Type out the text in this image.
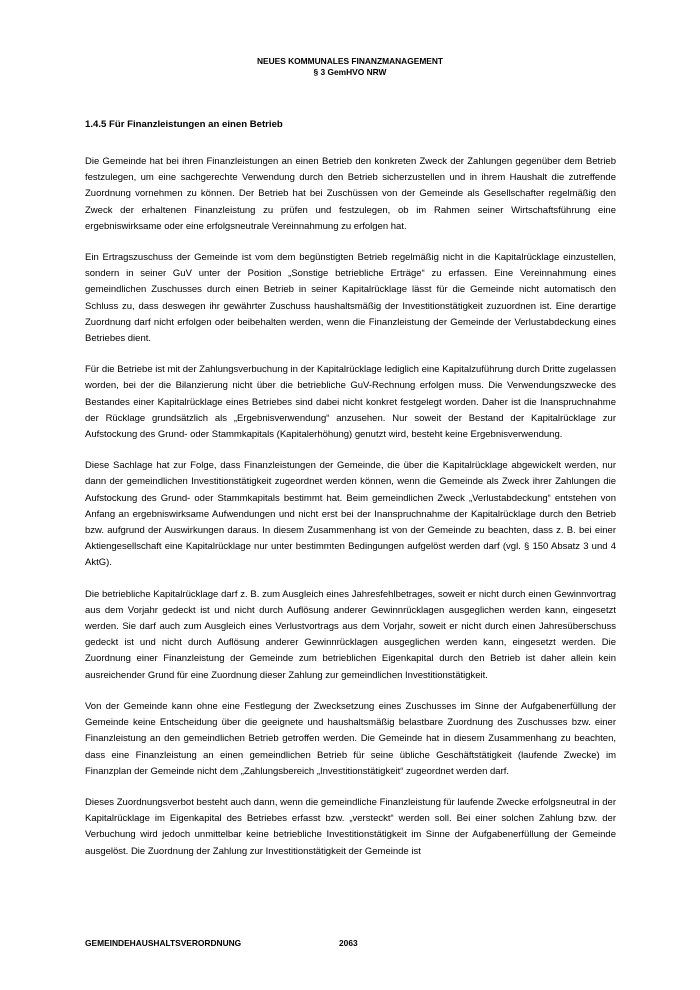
NEUES KOMMUNALES FINANZMANAGEMENT
§ 3 GemHVO NRW
1.4.5 Für Finanzleistungen an einen Betrieb

Die Gemeinde hat bei ihren Finanzleistungen an einen Betrieb den konkreten Zweck der Zahlungen gegenüber dem Betrieb festzulegen, um eine sachgerechte Verwendung durch den Betrieb sicherzustellen und in ihrem Haushalt die zutreffende Zuordnung vornehmen zu können. Der Betrieb hat bei Zuschüssen von der Gemeinde als Gesellschafter regelmäßig den Zweck der erhaltenen Finanzleistung zu prüfen und festzulegen, ob im Rahmen seiner Wirtschaftsführung eine ergebniswirksame oder eine erfolgsneutrale Vereinnahmung zu erfolgen hat.

Ein Ertragszuschuss der Gemeinde ist vom dem begünstigten Betrieb regelmäßig nicht in die Kapitalrücklage einzustellen, sondern in seiner GuV unter der Position „Sonstige betriebliche Erträge“ zu erfassen. Eine Vereinnahmung eines gemeindlichen Zuschusses durch einen Betrieb in seiner Kapitalrücklage lässt für die Gemeinde nicht automatisch den Schluss zu, dass deswegen ihr gewährter Zuschuss haushaltsmäßig der Investitionstätigkeit zuzuordnen ist. Eine derartige Zuordnung darf nicht erfolgen oder beibehalten werden, wenn die Finanzleistung der Gemeinde der Verlustabdeckung eines Betriebes dient.

Für die Betriebe ist mit der Zahlungsverbuchung in der Kapitalrücklage lediglich eine Kapitalzuführung durch Dritte zugelassen worden, bei der die Bilanzierung nicht über die betriebliche GuV-Rechnung erfolgen muss. Die Verwendungszwecke des Bestandes einer Kapitalrücklage eines Betriebes sind dabei nicht konkret festgelegt worden. Daher ist die Inanspruchnahme der Rücklage grundsätzlich als „Ergebnisverwendung“ anzusehen. Nur soweit der Bestand der Kapitalrücklage zur Aufstockung des Grund- oder Stammkapitals (Kapitalerhöhung) genutzt wird, besteht keine Ergebnisverwendung.

Diese Sachlage hat zur Folge, dass Finanzleistungen der Gemeinde, die über die Kapitalrücklage abgewickelt werden, nur dann der gemeindlichen Investitionstätigkeit zugeordnet werden können, wenn die Gemeinde als Zweck ihrer Zahlungen die Aufstockung des Grund- oder Stammkapitals bestimmt hat. Beim gemeindlichen Zweck „Verlustabdeckung“ entstehen von Anfang an ergebniswirksame Aufwendungen und nicht erst bei der Inanspruchnahme der Kapitalrücklage durch den Betrieb bzw. aufgrund der Auswirkungen daraus. In diesem Zusammenhang ist von der Gemeinde zu beachten, dass z. B. bei einer Aktiengesellschaft eine Kapitalrücklage nur unter bestimmten Bedingungen aufgelöst werden darf (vgl. § 150 Absatz 3 und 4 AktG).

Die betriebliche Kapitalrücklage darf z. B. zum Ausgleich eines Jahresfehlbetrages, soweit er nicht durch einen Gewinnvortrag aus dem Vorjahr gedeckt ist und nicht durch Auflösung anderer Gewinnrücklagen ausgeglichen werden kann, eingesetzt werden. Sie darf auch zum Ausgleich eines Verlustvortrags aus dem Vorjahr, soweit er nicht durch einen Jahresüberschuss gedeckt ist und nicht durch Auflösung anderer Gewinnrücklagen ausgeglichen werden kann, eingesetzt werden. Die Zuordnung einer Finanzleistung der Gemeinde zum betrieblichen Eigenkapital durch den Betrieb ist daher allein kein ausreichender Grund für eine Zuordnung dieser Zahlung zur gemeindlichen Investitionstätigkeit.

Von der Gemeinde kann ohne eine Festlegung der Zwecksetzung eines Zuschusses im Sinne der Aufgabenerfüllung der Gemeinde keine Entscheidung über die geeignete und haushaltsmäßig belastbare Zuordnung des Zuschusses bzw. einer Finanzleistung an den gemeindlichen Betrieb getroffen werden. Die Gemeinde hat in diesem Zusammenhang zu beachten, dass eine Finanzleistung an einen gemeindlichen Betrieb für seine übliche Geschäftstätigkeit (laufende Zwecke) im Finanzplan der Gemeinde nicht dem „Zahlungsbereich „Investitionstätigkeit“ zugeordnet werden darf.

Dieses Zuordnungsverbot besteht auch dann, wenn die gemeindliche Finanzleistung für laufende Zwecke erfolgsneutral in der Kapitalrücklage im Eigenkapital des Betriebes erfasst bzw. „versteckt“ werden soll. Bei einer solchen Zahlung bzw. der Verbuchung wird jedoch unmittelbar keine betriebliche Investitionstätigkeit im Sinne der Aufgabenerfüllung der Gemeinde ausgelöst. Die Zuordnung der Zahlung zur Investitionstätigkeit der Gemeinde ist

GEMEINDEHAUSHALTSVERORDNUNG	2063
